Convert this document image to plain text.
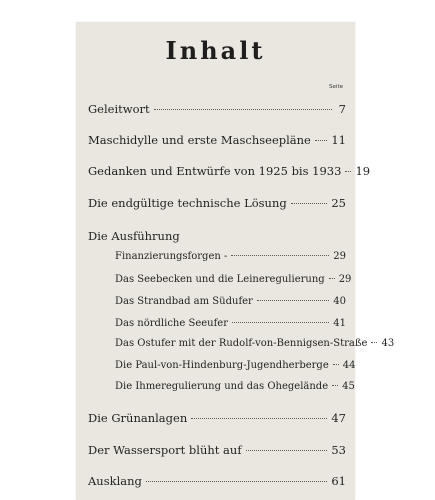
Inhalt
Seite
Geleitwort	7
Maschidylle und erste Maschseepläne 11
Gedanken und Entwürfe von 1925 bis 1933 19
Die endgültige technische Lösung	25
Die Ausführung
Finanzierungsforgen -	29
Das Seebecken und die Leineregulierung 29
Das Strandbad am Südufer	40
Das nördliche Seeufer	41
Das Ostufer mit der Rudolf-von-Bennigsen-Straße 43
Die Paul-von-Hindenburg-Jugendherberge 44
Die Ihmeregulierung und das Ohegelände 45
Die Grünanlagen	47
Der Wassersport blüht auf	53
Ausklang	61
